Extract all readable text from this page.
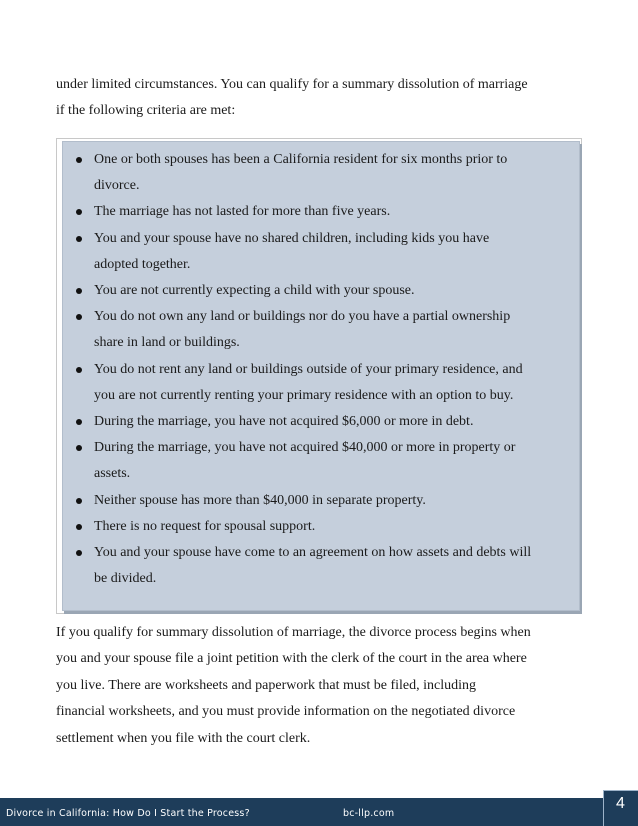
under limited circumstances. You can qualify for a summary dissolution of marriage
if the following criteria are met:
One or both spouses has been a California resident for six months prior to
divorce.
The marriage has not lasted for more than five years.
You and your spouse have no shared children, including kids you have
adopted together.
You are not currently expecting a child with your spouse.
You do not own any land or buildings nor do you have a partial ownership
share in land or buildings.
You do not rent any land or buildings outside of your primary residence, and
you are not currently renting your primary residence with an option to buy.
During the marriage, you have not acquired $6,000 or more in debt.
During the marriage, you have not acquired $40,000 or more in property or
assets.
Neither spouse has more than $40,000 in separate property.
There is no request for spousal support.
You and your spouse have come to an agreement on how assets and debts will
be divided.
If you qualify for summary dissolution of marriage, the divorce process begins when
you and your spouse file a joint petition with the clerk of the court in the area where
you live. There are worksheets and paperwork that must be filed, including
financial worksheets, and you must provide information on the negotiated divorce
settlement when you file with the court clerk.
Divorce in California: How Do I Start the Process?	bc-llp.com
4
